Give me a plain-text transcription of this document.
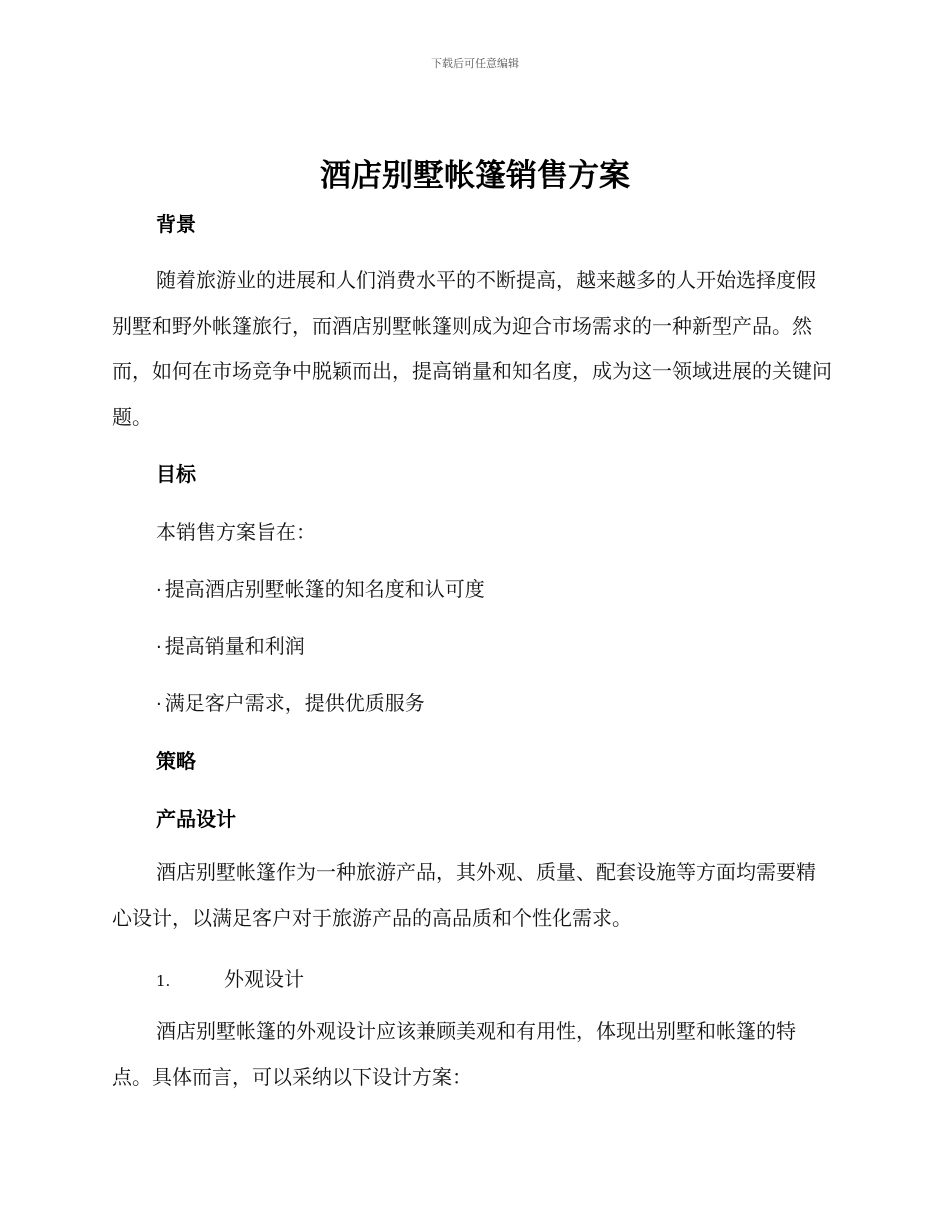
下载后可任意编辑
酒店别墅帐篷销售方案
背景

随着旅游业的进展和人们消费水平的不断提高，越来越多的人开始选择度假别墅和野外帐篷旅行，而酒店别墅帐篷则成为迎合市场需求的一种新型产品。然而，如何在市场竞争中脱颖而出，提高销量和知名度，成为这一领域进展的关键问题。

目标
本销售方案旨在：
· 提高酒店别墅帐篷的知名度和认可度
· 提高销量和利润
· 满足客户需求，提供优质服务
策略
产品设计

酒店别墅帐篷作为一种旅游产品，其外观、质量、配套设施等方面均需要精心设计，以满足客户对于旅游产品的高品质和个性化需求。

1.	外观设计

酒店别墅帐篷的外观设计应该兼顾美观和有用性，体现出别墅和帐篷的特点。具体而言，可以采纳以下设计方案：
